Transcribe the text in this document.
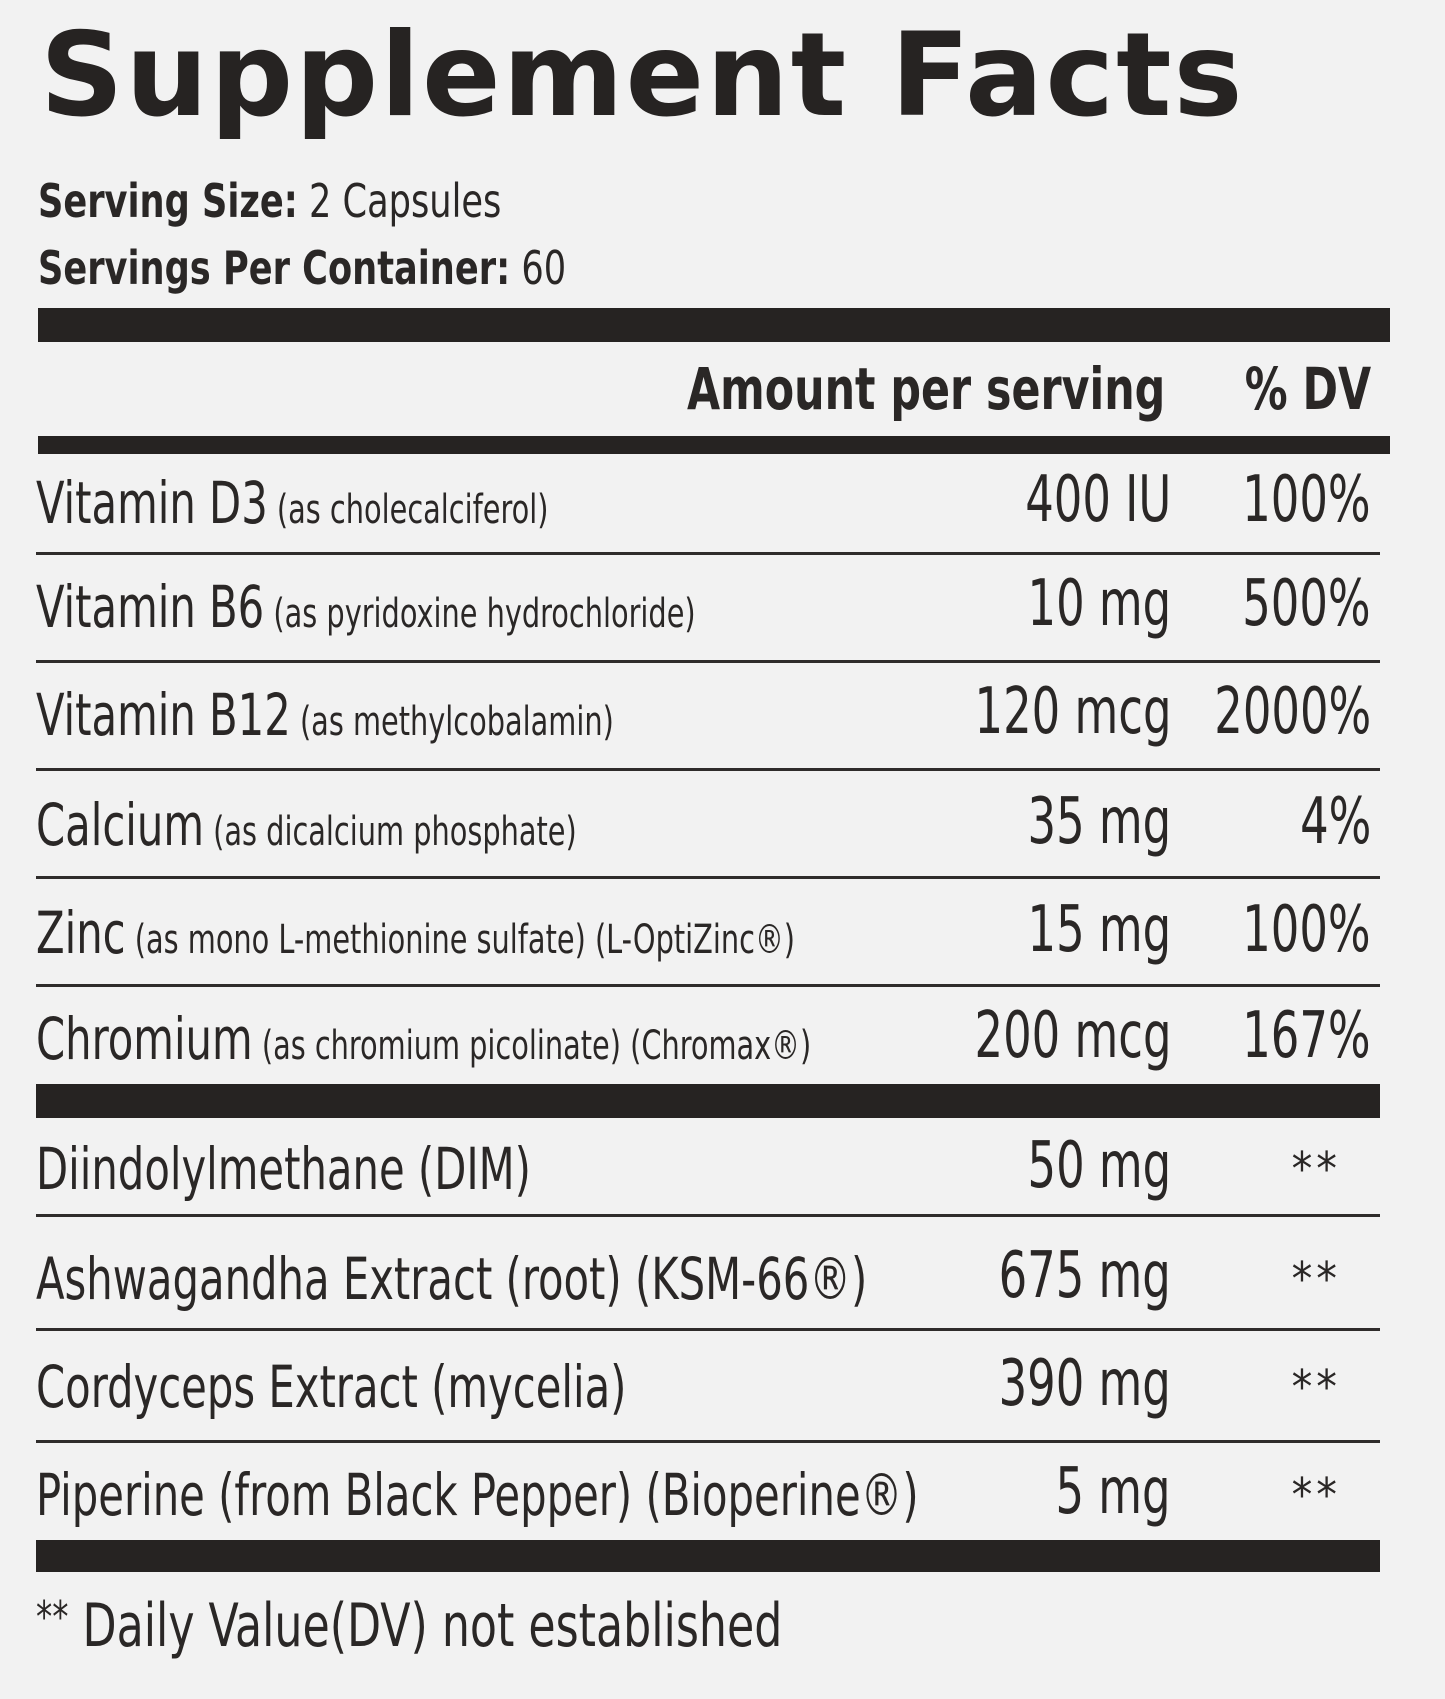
Supplement Facts
Serving Size: 2 Capsules
Servings Per Container: 60
Amount per serving % DV
Vitamin D3 (as cholecalciferol)	400 IU 100%
Vitamin B6 (as pyridoxine hydrochloride)	10 mg 500%
Vitamin B12 (as methylcobalamin)	120 mcg 2000%
Calcium (as dicalcium phosphate)	35 mg 4%
Zinc (as mono L-methionine sulfate) (L-OptiZinc®)	15 mg 100%
Chromium (as chromium picolinate) (Chromax®)	200 mcg 167%
Diindolylmethane (DIM)	50 mg	**
Ashwagandha Extract (root) (KSM-66®) 675 mg	**
Cordyceps Extract (mycelia)	390 mg	**
Piperine (from Black Pepper) (Bioperine®) 5 mg	**
** Daily Value(DV) not established
